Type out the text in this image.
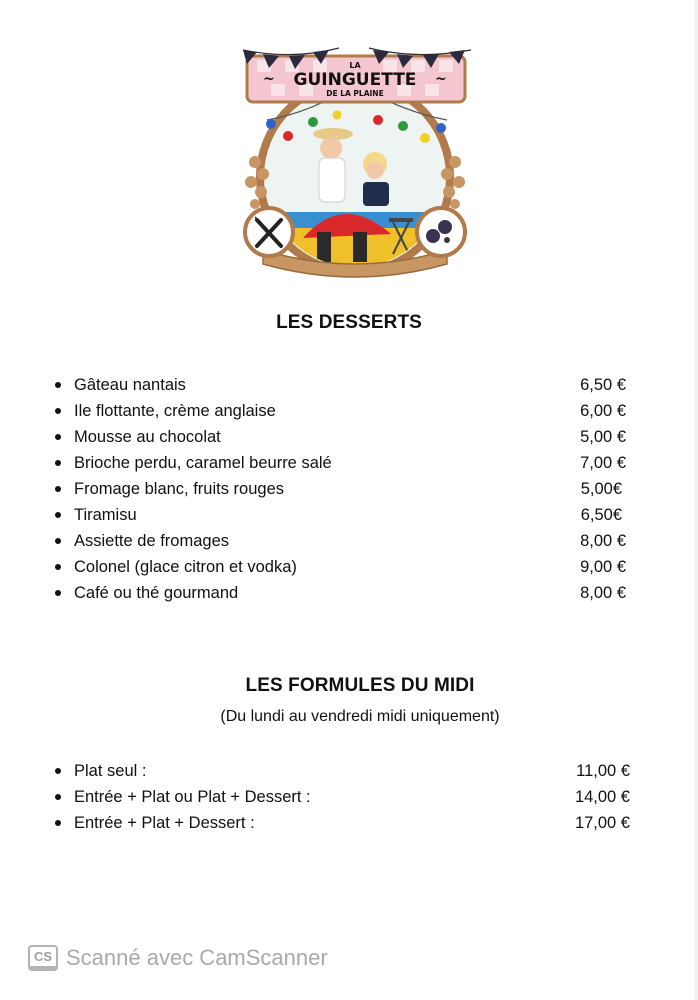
LA
GUINGUETTE
DE LA PLAINE
~	~
LES DESSERTS
Gâteau nantais	6,50 €
Ile flottante, crème anglaise	6,00 €
Mousse au chocolat	5,00 €
Brioche perdu, caramel beurre salé	7,00 €
Fromage blanc, fruits rouges	5,00€
Tiramisu	6,50€
Assiette de fromages	8,00 €
Colonel (glace citron et vodka)	9,00 €
Café ou thé gourmand	8,00 €
LES FORMULES DU MIDI
(Du lundi au vendredi midi uniquement)
Plat seul :	11,00 €
Entrée + Plat ou Plat + Dessert :	14,00 €
Entrée + Plat + Dessert :	17,00 €
CS Scanné avec CamScanner
